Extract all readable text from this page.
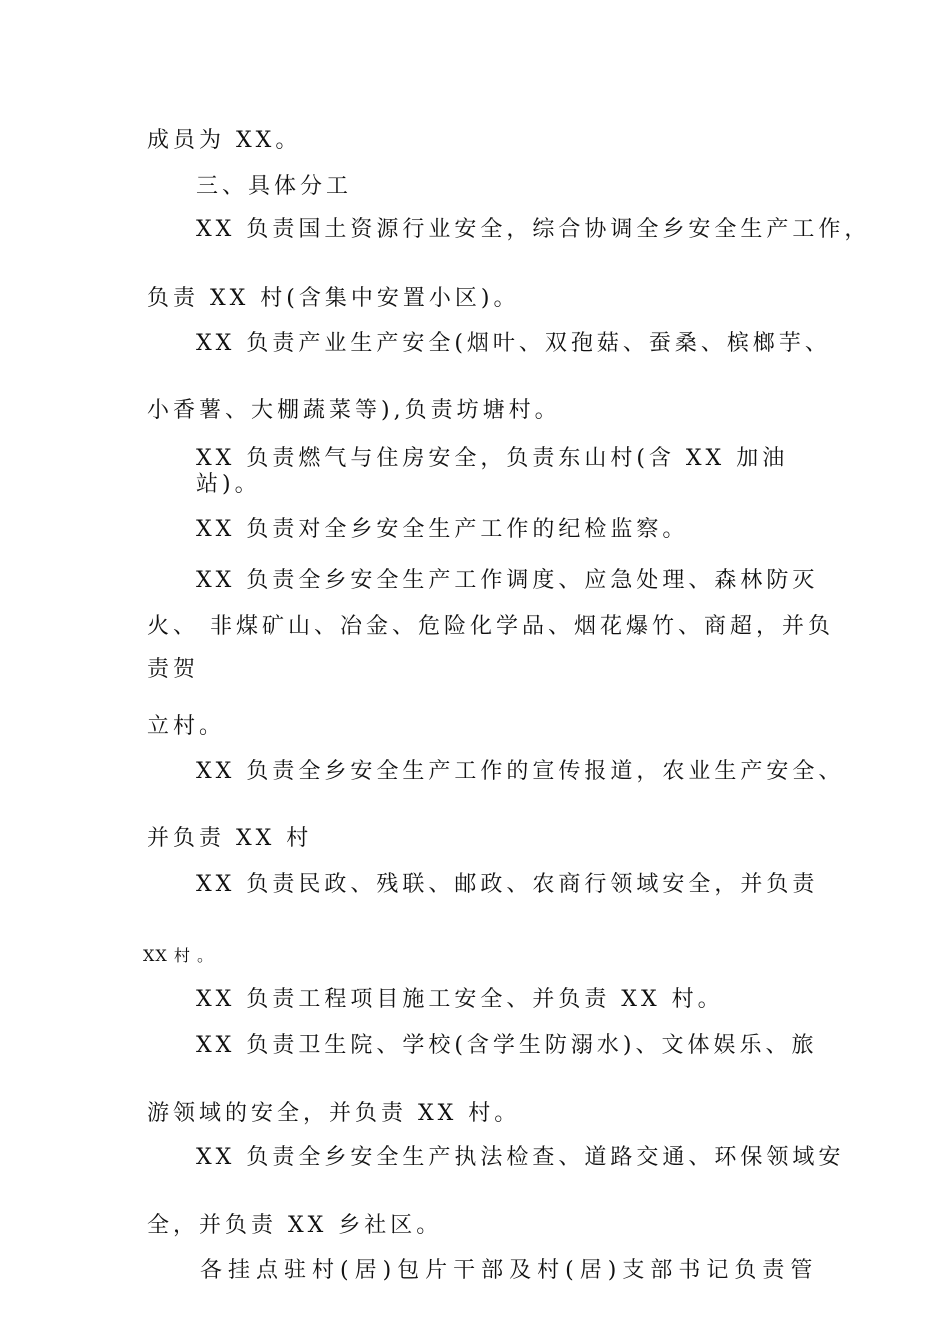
成员为 XX。
三、具体分工
XX 负责国土资源行业安全，综合协调全乡安全生产工作，
负责 XX 村(含集中安置小区)。
XX 负责产业生产安全(烟叶、双孢菇、蚕桑、槟榔芋、
小香薯、大棚蔬菜等),负责坊塘村。
XX 负责燃气与住房安全，负责东山村(含 XX 加油
站)。
XX 负责对全乡安全生产工作的纪检监察。
XX 负责全乡安全生产工作调度、应急处理、森林防灭
火、 非煤矿山、冶金、危险化学品、烟花爆竹、商超，并负
责贺
立村。
XX 负责全乡安全生产工作的宣传报道，农业生产安全、
并负责 XX 村
XX 负责民政、残联、邮政、农商行领域安全，并负责
XX 村 。
XX 负责工程项目施工安全、并负责 XX 村。
XX 负责卫生院、学校(含学生防溺水)、文体娱乐、旅
游领域的安全，并负责 XX 村。
XX 负责全乡安全生产执法检查、道路交通、环保领域安
全，并负责 XX 乡社区。
各挂点驻村(居)包片干部及村(居)支部书记负责管
